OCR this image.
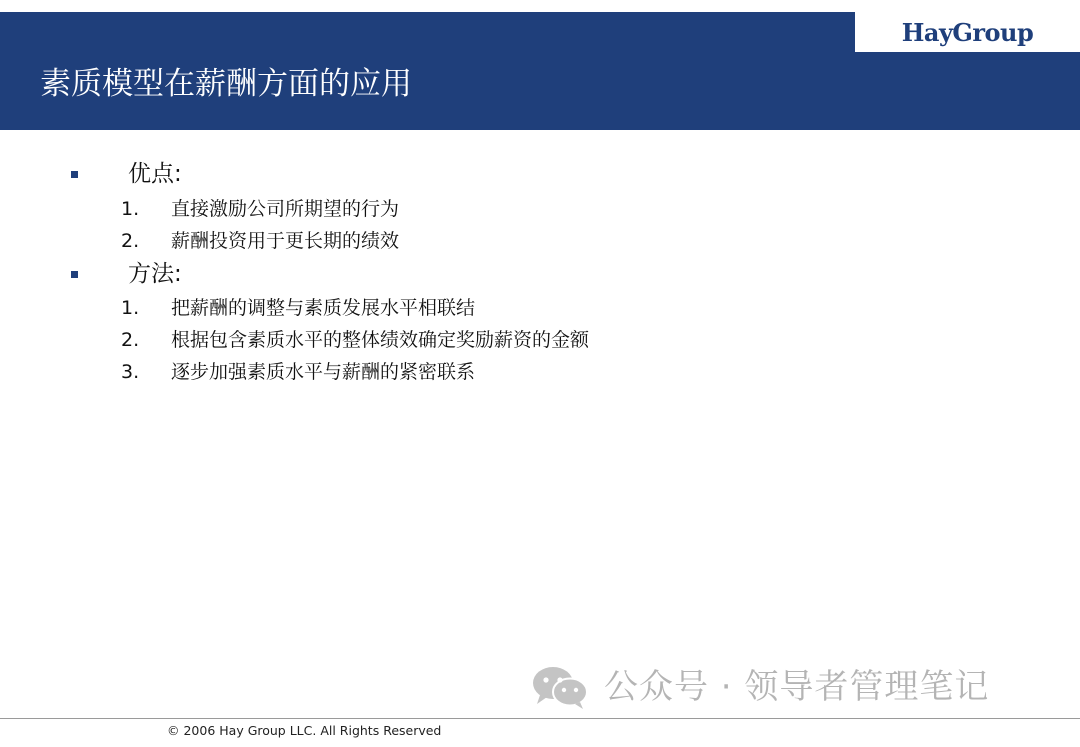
HayGroup
素质模型在薪酬方面的应用
优点:
1. 直接激励公司所期望的行为
2. 薪酬投资用于更长期的绩效
方法:
1. 把薪酬的调整与素质发展水平相联结
2. 根据包含素质水平的整体绩效确定奖励薪资的金额
3. 逐步加强素质水平与薪酬的紧密联系
公众号 · 领导者管理笔记
© 2006 Hay Group LLC. All Rights Reserved
